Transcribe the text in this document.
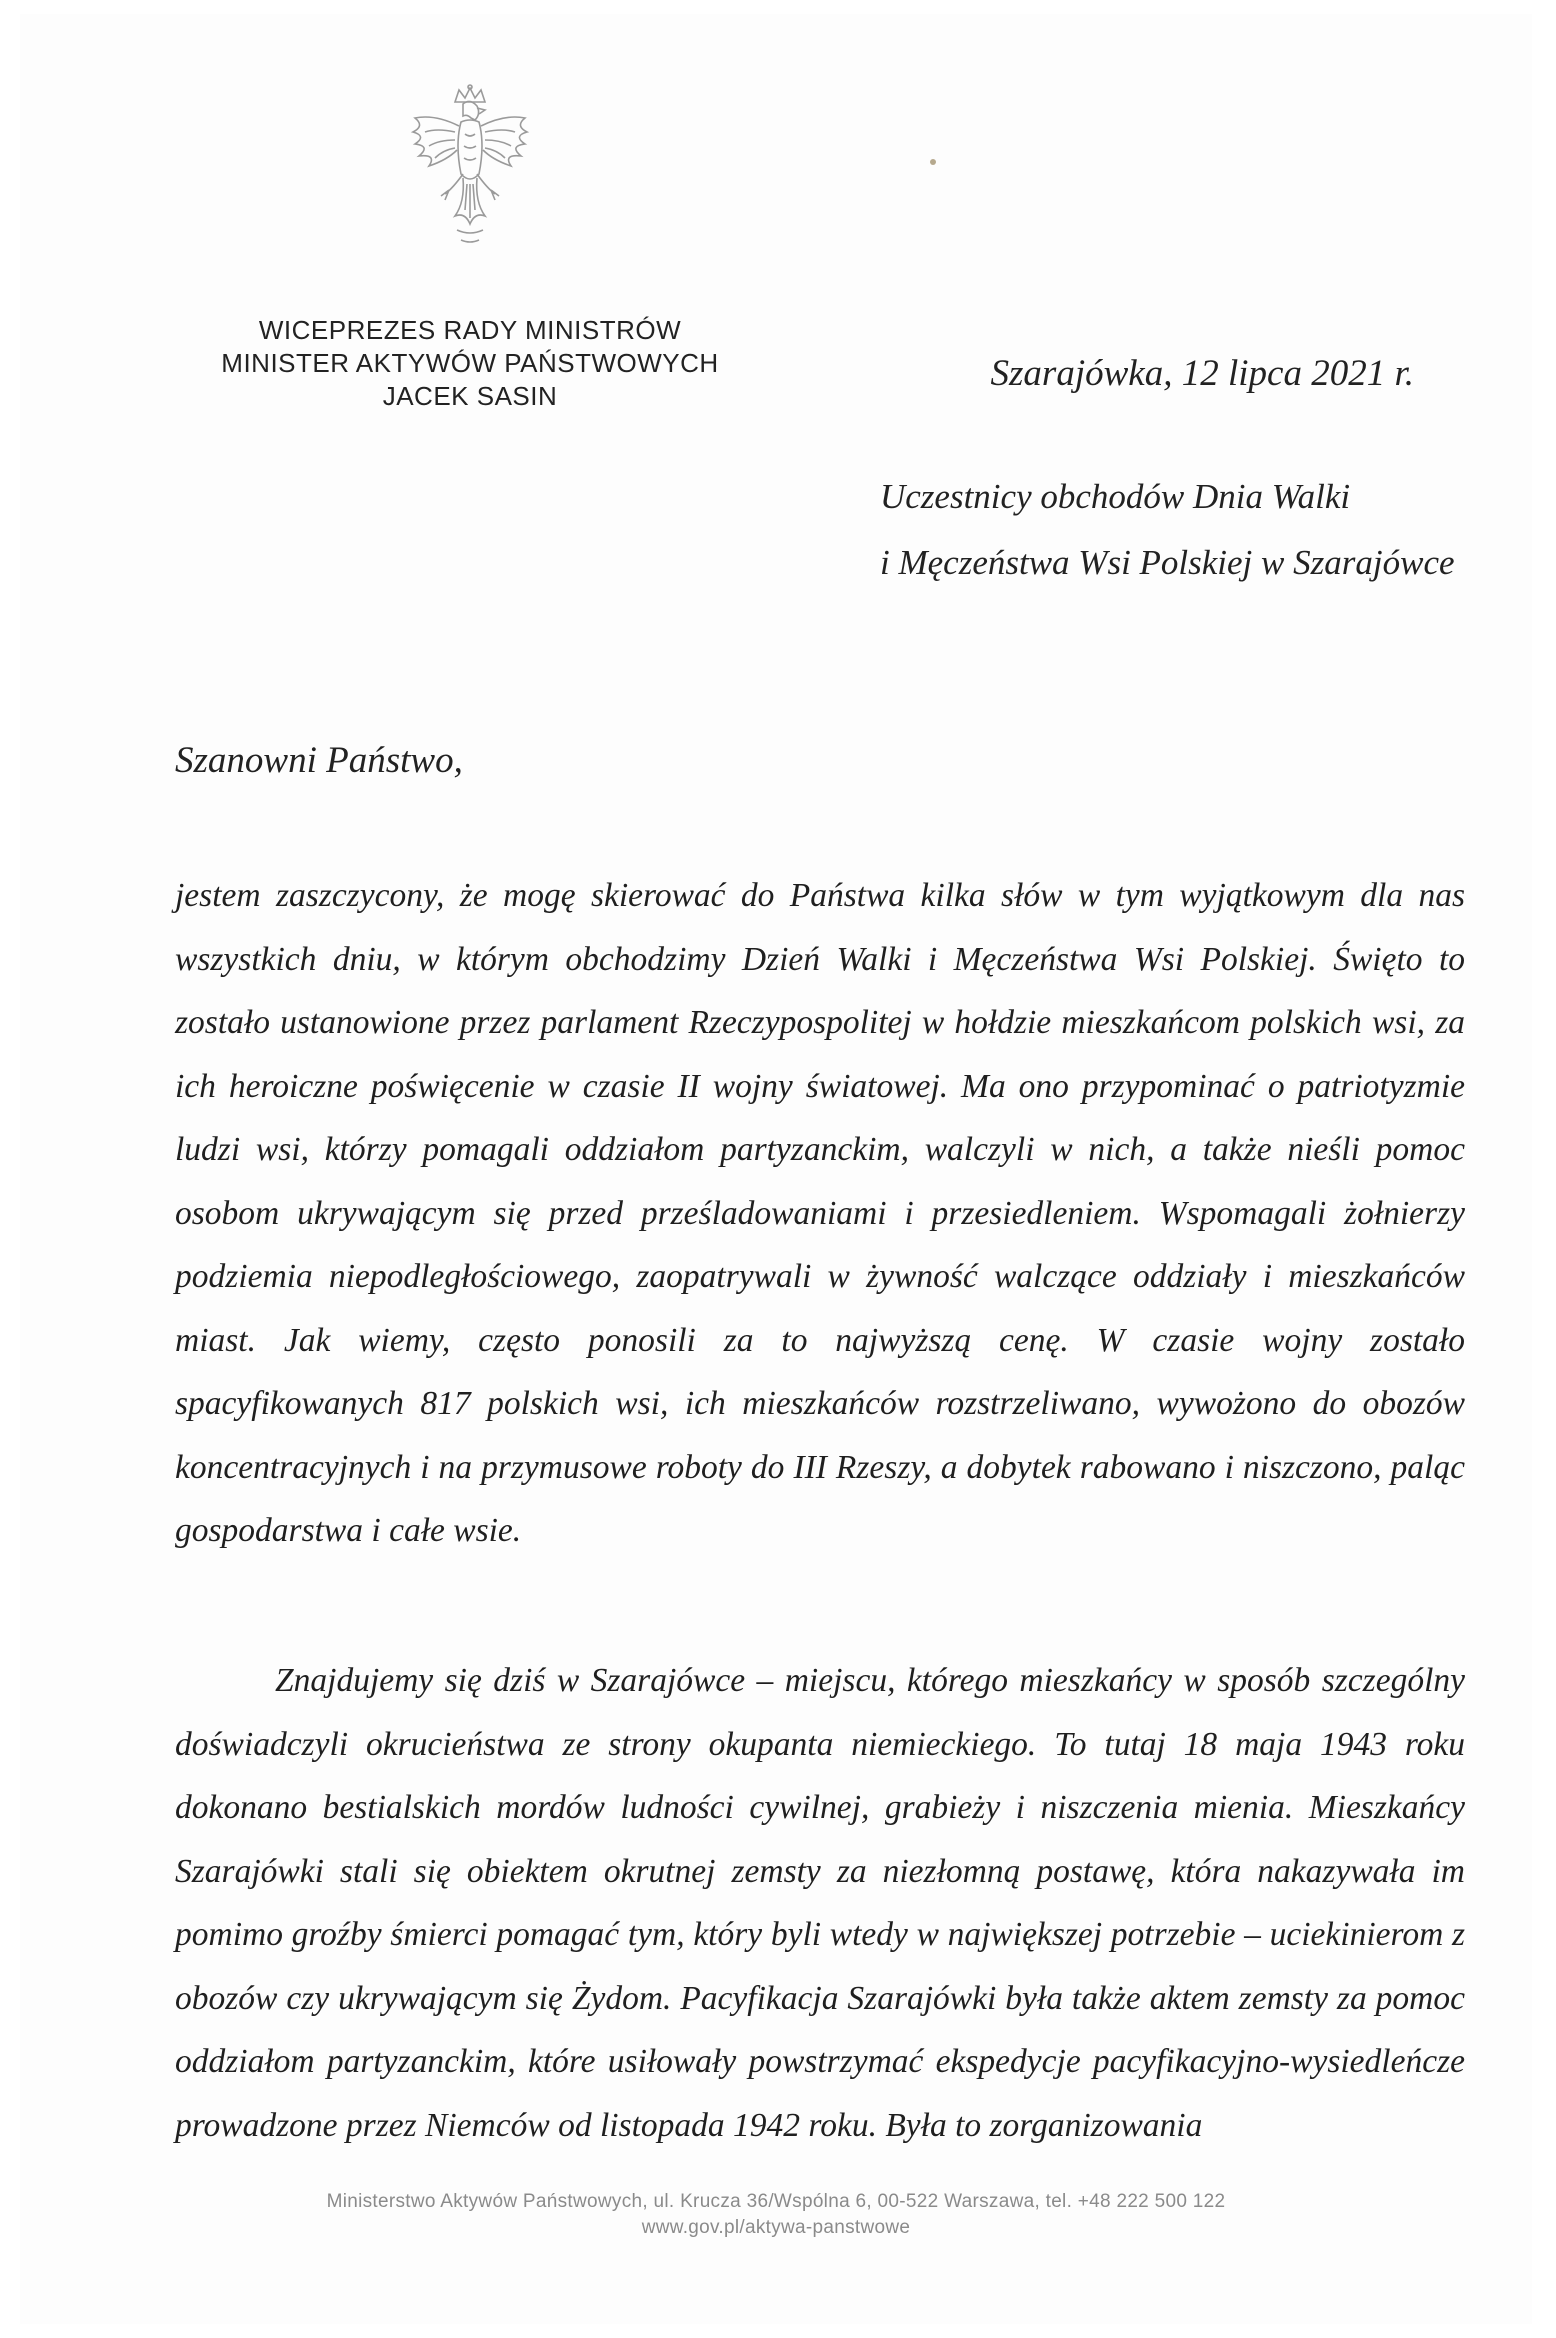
WICEPREZES RADY MINISTRÓW
MINISTER AKTYWÓW PAŃSTWOWYCH
JACEK SASIN
Szarajówka, 12 lipca 2021 r.
Uczestnicy obchodów Dnia Walki
i Męczeństwa Wsi Polskiej w Szarajówce
Szanowni Państwo,
jestem zaszczycony, że mogę skierować do Państwa kilka słów w tym wyjątkowym dla nas wszystkich dniu, w którym obchodzimy Dzień Walki i Męczeństwa Wsi Polskiej. Święto to zostało ustanowione przez parlament Rzeczypospolitej w hołdzie mieszkańcom polskich wsi, za ich heroiczne poświęcenie w czasie II wojny światowej. Ma ono przypominać o patriotyzmie ludzi wsi, którzy pomagali oddziałom partyzanckim, walczyli w nich, a także nieśli pomoc osobom ukrywającym się przed prześladowaniami i przesiedleniem. Wspomagali żołnierzy podziemia niepodległościowego, zaopatrywali w żywność walczące oddziały i mieszkańców miast. Jak wiemy, często ponosili za to najwyższą cenę. W czasie wojny zostało spacyfikowanych 817 polskich wsi, ich mieszkańców rozstrzeliwano, wywożono do obozów koncentracyjnych i na przymusowe roboty do III Rzeszy, a dobytek rabowano i niszczono, paląc gospodarstwa i całe wsie.
Znajdujemy się dziś w Szarajówce – miejscu, którego mieszkańcy w sposób szczególny doświadczyli okrucieństwa ze strony okupanta niemieckiego. To tutaj 18 maja 1943 roku dokonano bestialskich mordów ludności cywilnej, grabieży i niszczenia mienia. Mieszkańcy Szarajówki stali się obiektem okrutnej zemsty za niezłomną postawę, która nakazywała im pomimo groźby śmierci pomagać tym, który byli wtedy w największej potrzebie – uciekinierom z obozów czy ukrywającym się Żydom. Pacyfikacja Szarajówki była także aktem zemsty za pomoc oddziałom partyzanckim, które usiłowały powstrzymać ekspedycje pacyfikacyjno-wysiedleńcze prowadzone przez Niemców od listopada 1942 roku. Była to zorganizowania
Ministerstwo Aktywów Państwowych, ul. Krucza 36/Wspólna 6, 00-522 Warszawa, tel. +48 222 500 122
www.gov.pl/aktywa-panstwowe
